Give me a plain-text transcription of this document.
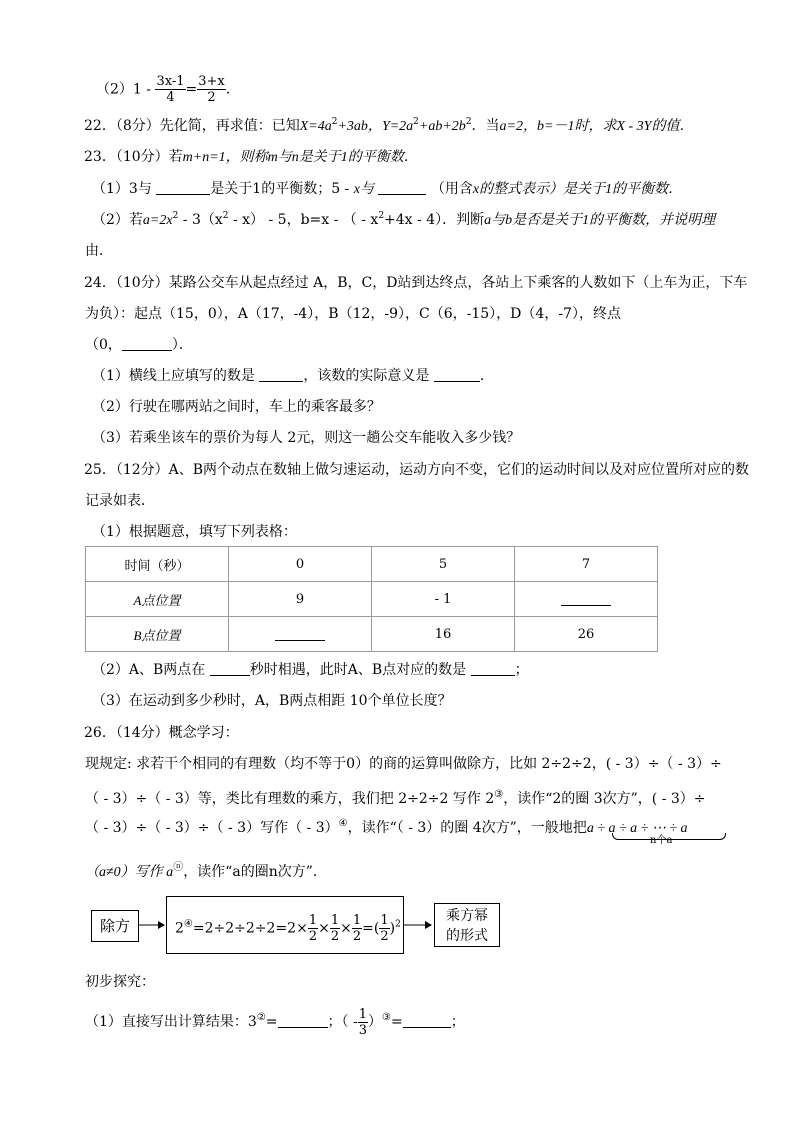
$(2)1 - \frac{3x-1}{4} = \frac{3+x}{2}$ .
22．（8分）先化简，再求值：已知$X=4a^2+3ab$，$Y=2a^2+ab+2b^2$．当a=2，b=－1时，求X - 3Y的值．
23．（10分）若m+n=1，则称m与n是关于1的平衡数．
（1）3与	是关于1的平衡数；5 - x与	（用含x的整式表示）是关于1的平衡数．
（2）若$a=2x^2 - 3(x^2 - x) - 5$，b=x - （ - $x^2+4x - 4$）．判断a与b是否是关于1的平衡数，并说明理
由．
24．（10分）某路公交车从起点经过 A，B，C，D站到达终点，各站上下乘客的人数如下（上车为正，下车
为负）：起点（15，0），A（17，-4），B（12，-9），C（6，-15），D（4，-7），终点
（0，	）．
（1）横线上应填写的数是	，该数的实际意义是	．
（2）行驶在哪两站之间时，车上的乘客最多？
（3）若乘坐该车的票价为每人 2元，则这一趟公交车能收入多少钱？
25．（12分）A、B两个动点在数轴上做匀速运动，运动方向不变，它们的运动时间以及对应位置所对应的数
记录如表．
（1）根据题意，填写下列表格：
时间（秒）	0	5	7
A点位置	9	- 1	
B点位置		16	26
（2）A、B两点在	秒时相遇，此时A、B点对应的数是	；
（3）在运动到多少秒时，A，B两点相距 10个单位长度？
26．（14分）概念学习：
现规定: 求若干个相同的有理数（均不等于0）的商的运算叫做除方，比如 2÷2÷2，( - 3）÷（ - 3）÷
（ - 3）÷（ - 3）等，类比有理数的乘方，我们把 2÷2÷2 写作 2③，读作“2的圈 3次方”，( - 3）÷
（ - 3）÷（ - 3）÷（ - 3）写作（ - 3）④，读作“（ - 3）的圈 4次方”，一般地把a ÷ a ÷ a ÷ ⋯ ÷ a
n个a
（a≠0）写作 aⓝ，读作“a的圈n次方”．
除方	$2^④=2\div 2\div 2\div 2=2\times \frac{1}{2} \times \frac{1}{2} \times \frac{1}{2}$ =( $\frac{1}{2} )^2$
乘方幂
的形式
初步探究：
（1）直接写出计算结果：3②=	；（ - $\frac{1}{3} )^③=$	；
